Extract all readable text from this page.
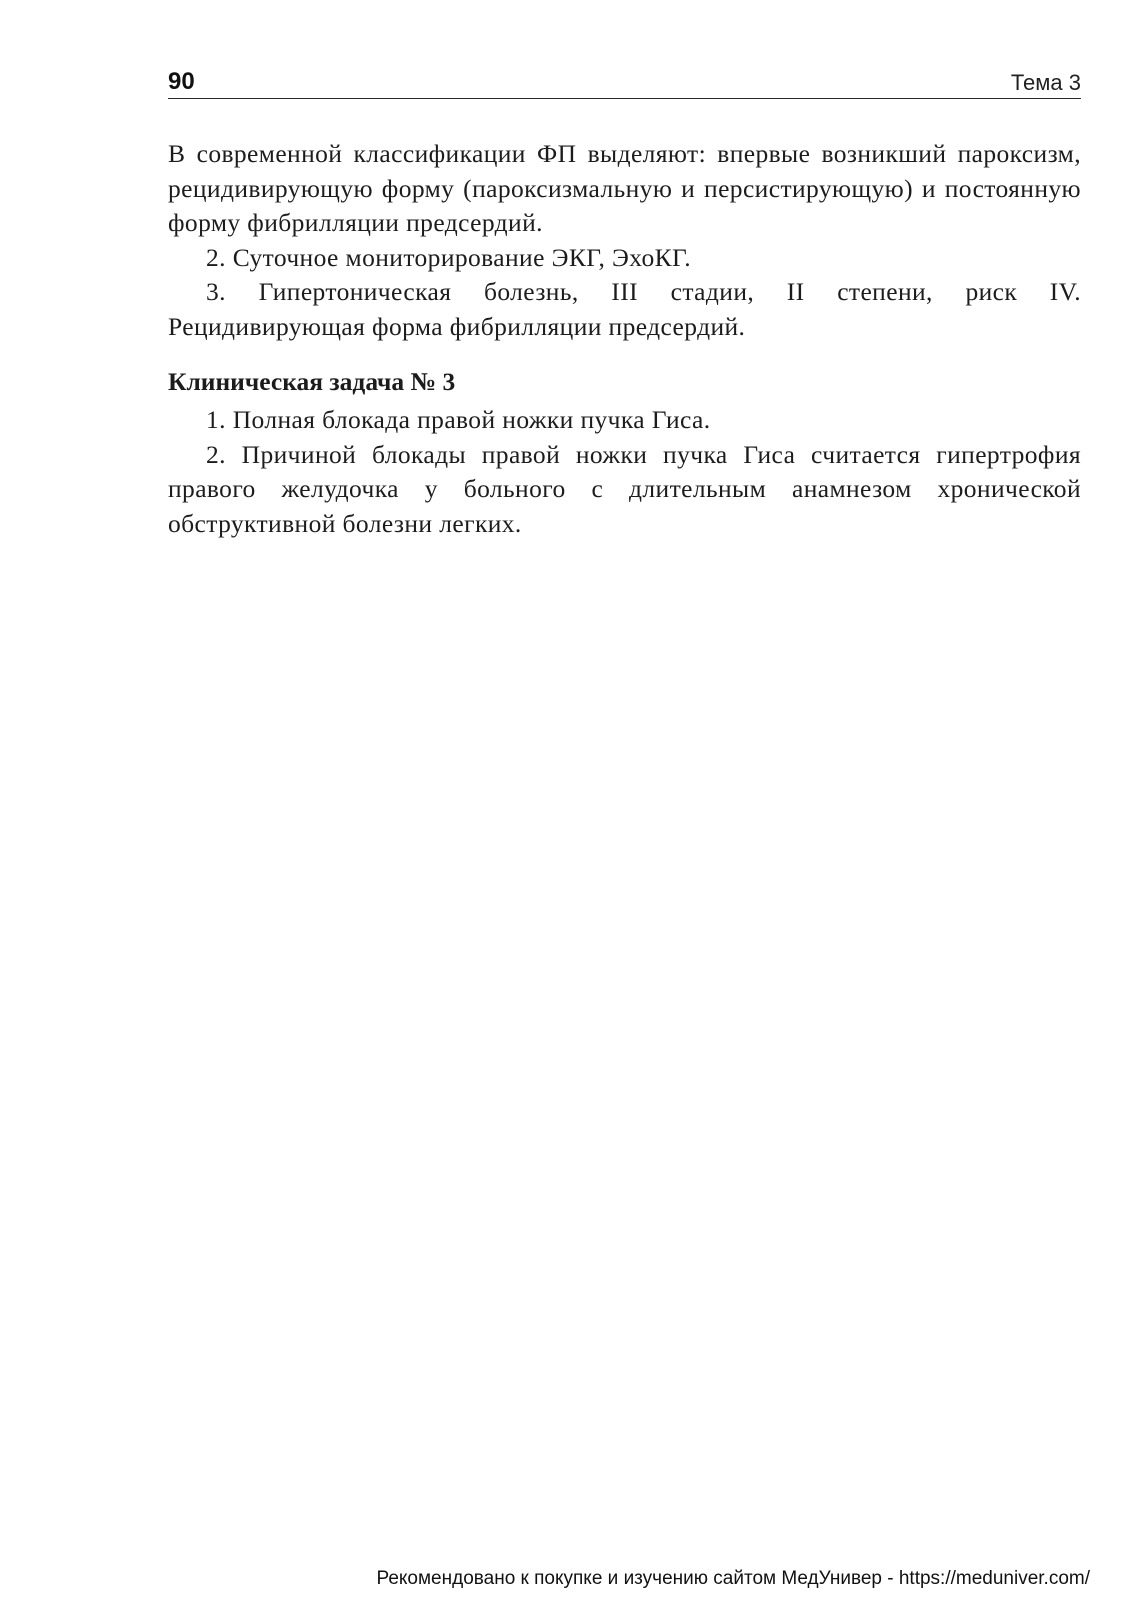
90	Тема 3

В современной классификации ФП выделяют: впервые возникший пароксизм, рецидивирующую форму (пароксизмальную и персистирующую) и постоянную форму фибрилляции предсердий.

2. Суточное мониторирование ЭКГ, ЭхоКГ.

3. Гипертоническая болезнь, III стадии, II степени, риск IV.

Рецидивирующая форма фибрилляции предсердий.

Клиническая задача № 3

1. Полная блокада правой ножки пучка Гиса.

2. Причиной блокады правой ножки пучка Гиса считается гипертрофия правого желудочка у больного с длительным анамнезом хронической обструктивной болезни легких.

Рекомендовано к покупке и изучению сайтом МедУнивер - https://meduniver.com/
